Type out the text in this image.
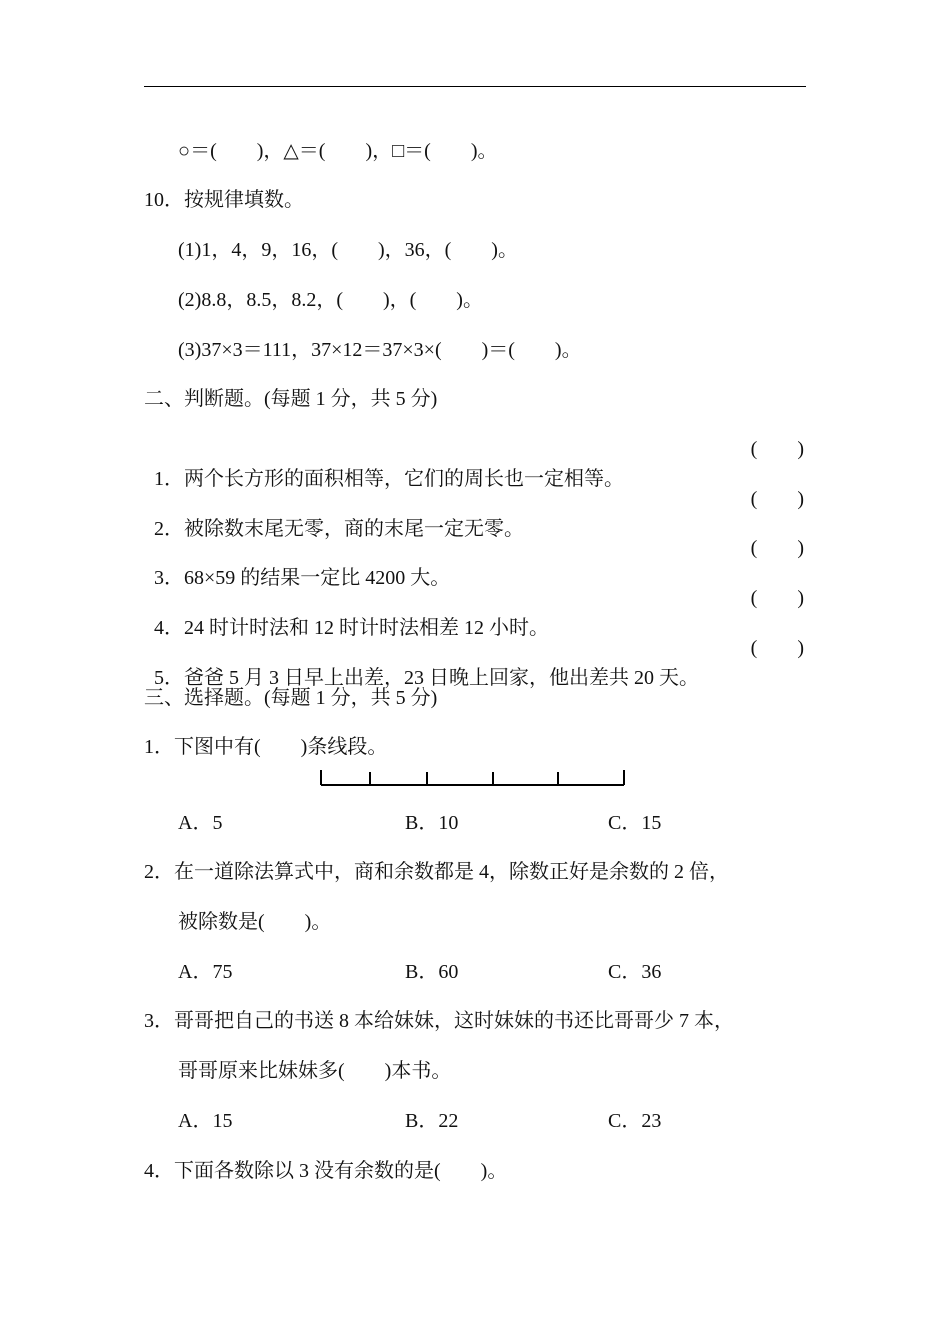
○＝(　　)，△＝(　　)，□＝(　　)。
10．按规律填数。
(1)1，4，9，16，(　　)，36，(　　)。
(2)8.8，8.5，8.2，(　　)，(　　)。
(3)37×3＝111，37×12＝37×3×(　　)＝(　　)。
二、判断题。(每题 1 分，共 5 分)

1．两个长方形的面积相等，它们的周长也一定相等。

(　　)

2．被除数末尾无零，商的末尾一定无零。

(　　)

3．68×59 的结果一定比 4200 大。

(　　)

4．24 时计时法和 12 时计时法相差 12 小时。

(　　)

5．爸爸 5 月 3 日早上出差，23 日晚上回家，他出差共 20 天。

(　　)

三、选择题。(每题 1 分，共 5 分)
1．下图中有(　　)条线段。

A．5

	B．10

	C．15

2．在一道除法算式中，商和余数都是 4，除数正好是余数的 2 倍，
被除数是(　　)。

A．75

	B．60

	C．36

3．哥哥把自己的书送 8 本给妹妹，这时妹妹的书还比哥哥少 7 本，
哥哥原来比妹妹多(　　)本书。

A．15

	B．22

	C．23

4．下面各数除以 3 没有余数的是(　　)。
